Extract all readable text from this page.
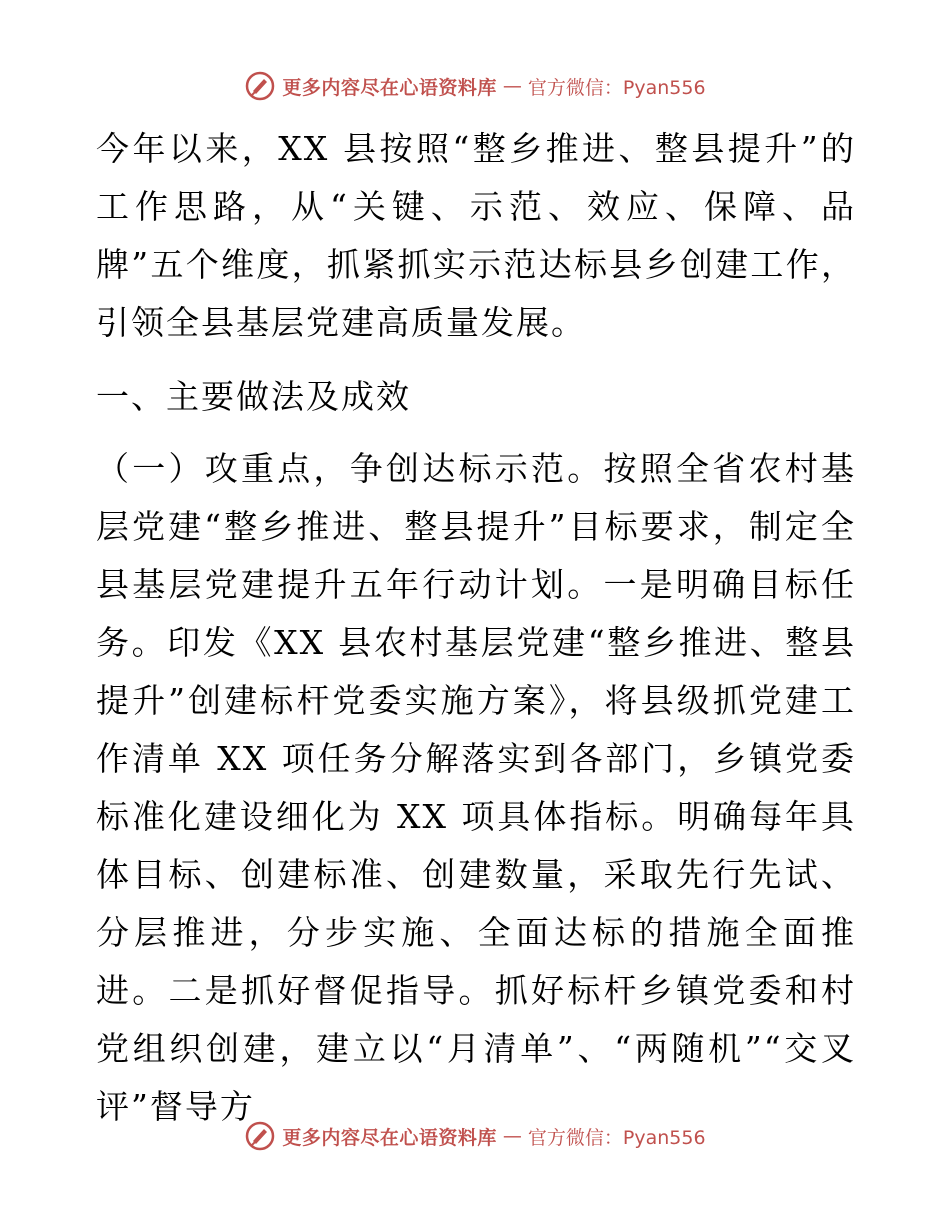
更多内容尽在心语资料库 — 官方微信：Pyan556

今年以来，XX 县按照“整乡推进、整县提升”的工作思路，从“关键、示范、效应、保障、品牌”五个维度，抓紧抓实示范达标县乡创建工作，引领全县基层党建高质量发展。

一、主要做法及成效

（一）攻重点，争创达标示范。按照全省农村基层党建“整乡推进、整县提升”目标要求，制定全县基层党建提升五年行动计划。一是明确目标任务。印发《XX 县农村基层党建“整乡推进、整县提升”创建标杆党委实施方案》，将县级抓党建工作清单 XX 项任务分解落实到各部门，乡镇党委标准化建设细化为 XX 项具体指标。明确每年具体目标、创建标准、创建数量，采取先行先试、分层推进，分步实施、全面达标的措施全面推进。二是抓好督促指导。抓好标杆乡镇党委和村党组织创建，建立以“月清单”、“两随机”“交叉评”督导方

更多内容尽在心语资料库 — 官方微信：Pyan556
